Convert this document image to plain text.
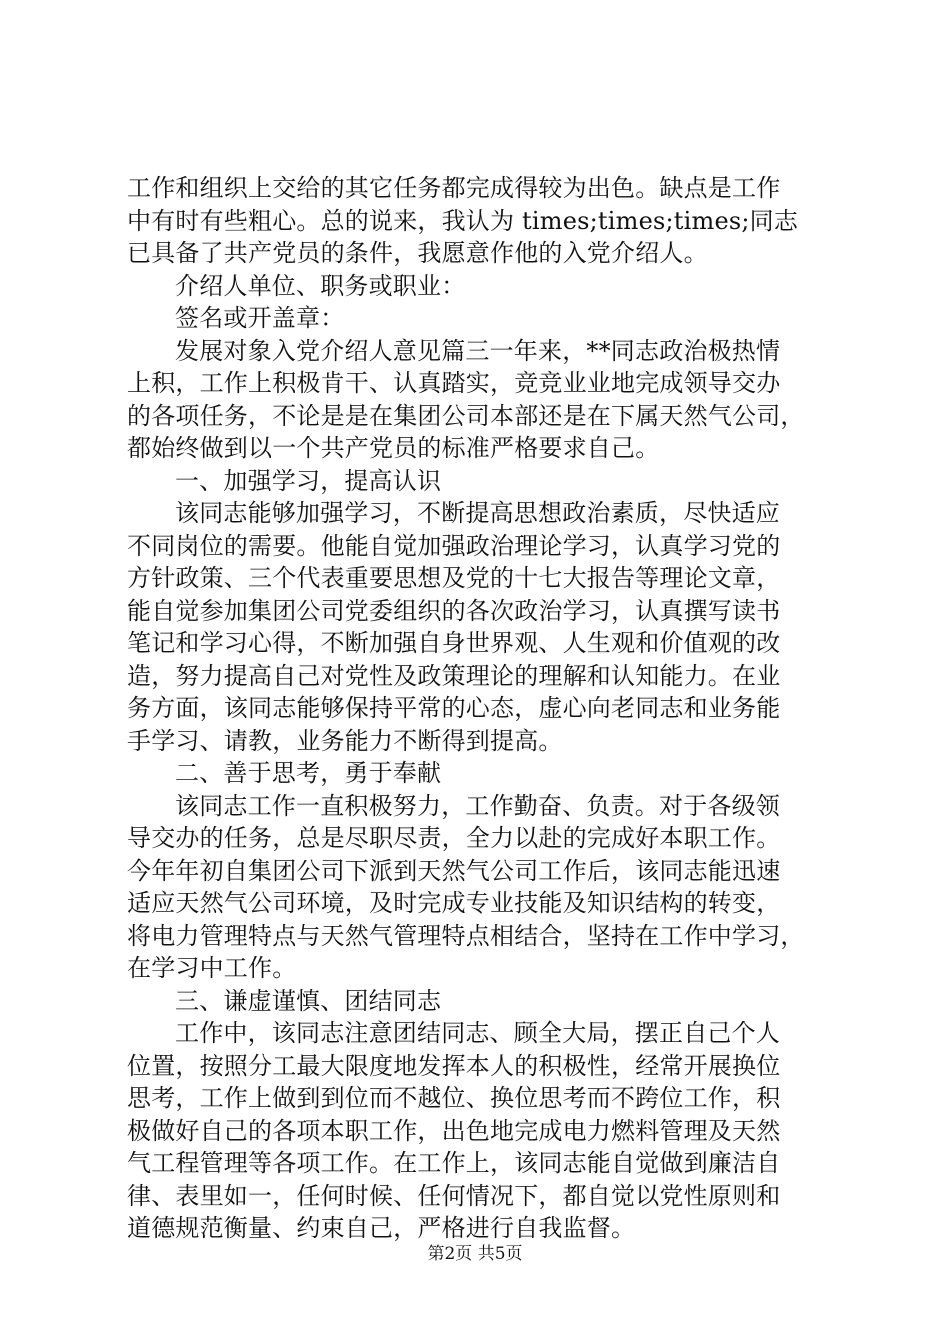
工作和组织上交给的其它任务都完成得较为出色。缺点是工作
中有时有些粗心。总的说来，我认为 times;times;times;同志
已具备了共产党员的条件，我愿意作他的入党介绍人。
介绍人单位、职务或职业：
签名或开盖章：
发展对象入党介绍人意见篇三一年来，**同志政治极热情
上积，工作上积极肯干、认真踏实，竞竞业业地完成领导交办
的各项任务，不论是是在集团公司本部还是在下属天然气公司，
都始终做到以一个共产党员的标准严格要求自己。
一、加强学习，提高认识
该同志能够加强学习，不断提高思想政治素质，尽快适应
不同岗位的需要。他能自觉加强政治理论学习，认真学习党的
方针政策、三个代表重要思想及党的十七大报告等理论文章，
能自觉参加集团公司党委组织的各次政治学习，认真撰写读书
笔记和学习心得，不断加强自身世界观、人生观和价值观的改
造，努力提高自己对党性及政策理论的理解和认知能力。在业
务方面，该同志能够保持平常的心态，虚心向老同志和业务能
手学习、请教，业务能力不断得到提高。
二、善于思考，勇于奉献
该同志工作一直积极努力，工作勤奋、负责。对于各级领
导交办的任务，总是尽职尽责，全力以赴的完成好本职工作。
今年年初自集团公司下派到天然气公司工作后，该同志能迅速
适应天然气公司环境，及时完成专业技能及知识结构的转变，
将电力管理特点与天然气管理特点相结合，坚持在工作中学习，
在学习中工作。
三、谦虚谨慎、团结同志
工作中，该同志注意团结同志、顾全大局，摆正自己个人
位置，按照分工最大限度地发挥本人的积极性，经常开展换位
思考，工作上做到到位而不越位、换位思考而不跨位工作，积
极做好自己的各项本职工作，出色地完成电力燃料管理及天然
气工程管理等各项工作。在工作上，该同志能自觉做到廉洁自
律、表里如一，任何时候、任何情况下，都自觉以党性原则和
道德规范衡量、约束自己，严格进行自我监督。
第2页 共5页
